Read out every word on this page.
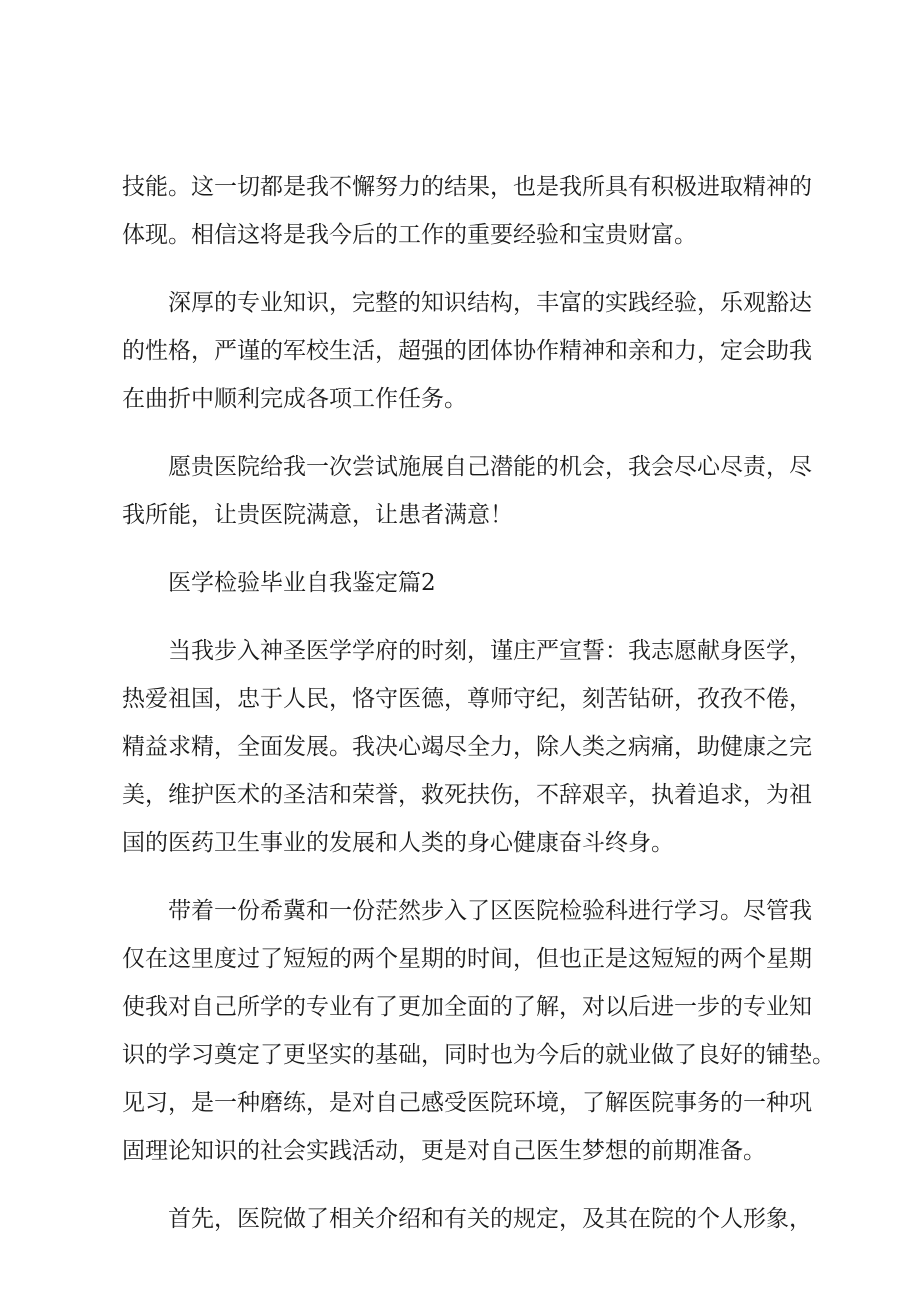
技能。这一切都是我不懈努力的结果，也是我所具有积极进取精神的
体现。相信这将是我今后的工作的重要经验和宝贵财富。
　　深厚的专业知识，完整的知识结构，丰富的实践经验，乐观豁达
的性格，严谨的军校生活，超强的团体协作精神和亲和力，定会助我
在曲折中顺利完成各项工作任务。
　　愿贵医院给我一次尝试施展自己潜能的机会，我会尽心尽责，尽
我所能，让贵医院满意，让患者满意！
医学检验毕业自我鉴定篇2
　　当我步入神圣医学学府的时刻，谨庄严宣誓：我志愿献身医学，
热爱祖国，忠于人民，恪守医德，尊师守纪，刻苦钻研，孜孜不倦，
精益求精，全面发展。我决心竭尽全力，除人类之病痛，助健康之完
美，维护医术的圣洁和荣誉，救死扶伤，不辞艰辛，执着追求，为祖
国的医药卫生事业的发展和人类的身心健康奋斗终身。
　　带着一份希冀和一份茫然步入了区医院检验科进行学习。尽管我
仅在这里度过了短短的两个星期的时间，但也正是这短短的两个星期
使我对自己所学的专业有了更加全面的了解，对以后进一步的专业知
识的学习奠定了更坚实的基础，同时也为今后的就业做了良好的铺垫。
见习，是一种磨练，是对自己感受医院环境，了解医院事务的一种巩
固理论知识的社会实践活动，更是对自己医生梦想的前期准备。
　　首先，医院做了相关介绍和有关的规定，及其在院的个人形象，
